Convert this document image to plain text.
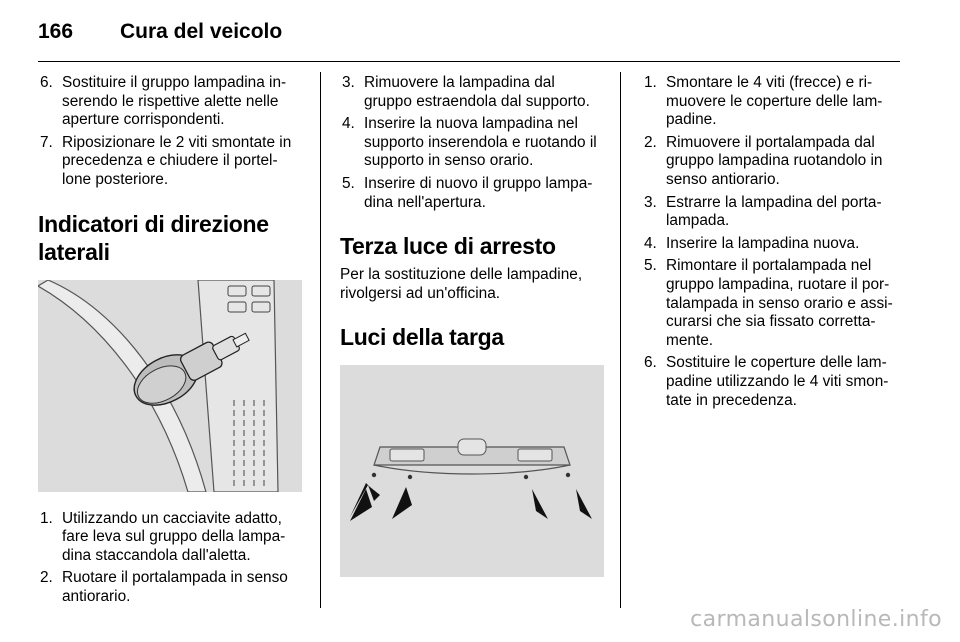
166 Cura del veicolo
6. Sostituire il gruppo lampadina in-serendo le rispettive alette nelle aperture corrispondenti.
7. Riposizionare le 2 viti smontate in precedenza e chiudere il portel-lone posteriore.
Indicatori di direzione laterali
1. Utilizzando un cacciavite adatto, fare leva sul gruppo della lampa-dina staccandola dall'aletta.
2. Ruotare il portalampada in senso antiorario.
3. Rimuovere la lampadina dal gruppo estraendola dal supporto.
4. Inserire la nuova lampadina nel supporto inserendola e ruotando il supporto in senso orario.
5. Inserire di nuovo il gruppo lampa-dina nell'apertura.
Terza luce di arresto

Per la sostituzione delle lampadine, rivolgersi ad un'officina.

Luci della targa
1. Smontare le 4 viti (frecce) e ri-muovere le coperture delle lam-padine.
2. Rimuovere il portalampada dal gruppo lampadina ruotandolo in senso antiorario.
3. Estrarre la lampadina del porta-lampada.
4. Inserire la lampadina nuova.
5. Rimontare il portalampada nel gruppo lampadina, ruotare il por-talampada in senso orario e assi-curarsi che sia fissato corretta-mente.
6. Sostituire le coperture delle lam-padine utilizzando le 4 viti smon-tate in precedenza.
carmanualsonline.info
